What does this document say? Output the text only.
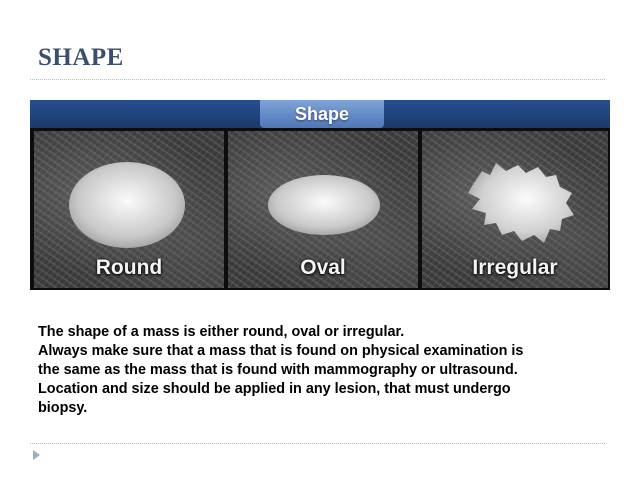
SHAPE
Shape
Round	Oval	Irregular

The shape of a mass is either round, oval or irregular.
Always make sure that a mass that is found on physical examination is
the same as the mass that is found with mammography or ultrasound.
Location and size should be applied in any lesion, that must undergo
biopsy.
